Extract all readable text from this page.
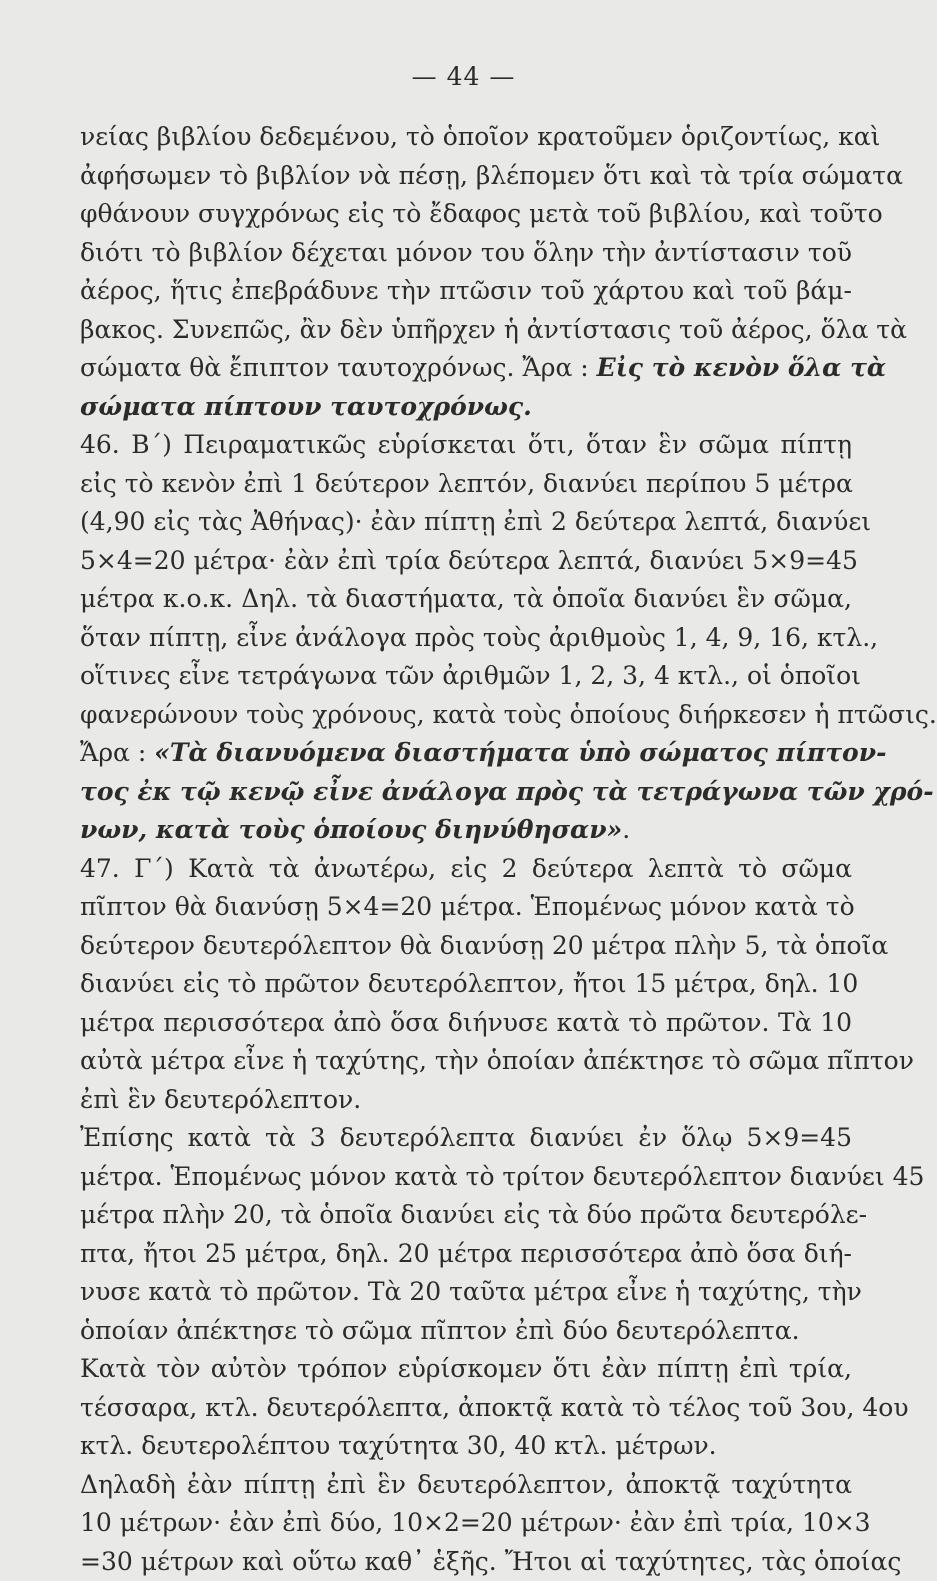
— 44 —
νείας βιβλίου δεδεμένου, τὸ ὁποῖον κρατοῦμεν ὁριζοντίως, καὶ
ἀφήσωμεν τὸ βιβλίον νὰ πέσῃ, βλέπομεν ὅτι καὶ τὰ τρία σώματα
φθάνουν συγχρόνως εἰς τὸ ἔδαφος μετὰ τοῦ βιβλίου, καὶ τοῦτο
διότι τὸ βιβλίον δέχεται μόνον του ὅλην τὴν ἀντίστασιν τοῦ
ἀέρος, ἥτις ἐπεβράδυνε τὴν πτῶσιν τοῦ χάρτου καὶ τοῦ βάμ-
βακος. Συνεπῶς, ἂν δὲν ὑπῆρχεν ἡ ἀντίστασις τοῦ ἀέρος, ὅλα τὰ
σώματα θὰ ἔπιπτον ταυτοχρόνως. Ἄρα : Εἰς τὸ κενὸν ὅλα τὰ
σώματα πίπτουν ταυτοχρόνως.
46. Β΄) Πειραματικῶς εὑρίσκεται ὅτι, ὅταν ἓν σῶμα πίπτῃ
εἰς τὸ κενὸν ἐπὶ 1 δεύτερον λεπτόν, διανύει περίπου 5 μέτρα
(4,90 εἰς τὰς Ἀθήνας)· ἐὰν πίπτῃ ἐπὶ 2 δεύτερα λεπτά, διανύει
5×4=20 μέτρα· ἐὰν ἐπὶ τρία δεύτερα λεπτά, διανύει 5×9=45
μέτρα κ.ο.κ. Δηλ. τὰ διαστήματα, τὰ ὁποῖα διανύει ἓν σῶμα,
ὅταν πίπτῃ, εἶνε ἀνάλογα πρὸς τοὺς ἀριθμοὺς 1, 4, 9, 16, κτλ.,
οἵτινες εἶνε τετράγωνα τῶν ἀριθμῶν 1, 2, 3, 4 κτλ., οἱ ὁποῖοι
φανερώνουν τοὺς χρόνους, κατὰ τοὺς ὁποίους διήρκεσεν ἡ πτῶσις.
Ἄρα : «Τὰ διανυόμενα διαστήματα ὑπὸ σώματος πίπτον-
τος ἐκ τῷ κενῷ εἶνε ἀνάλογα πρὸς τὰ τετράγωνα τῶν χρό-
νων, κατὰ τοὺς ὁποίους διηνύθησαν».
47. Γ΄) Κατὰ τὰ ἀνωτέρω, εἰς 2 δεύτερα λεπτὰ τὸ σῶμα
πῖπτον θὰ διανύσῃ 5×4=20 μέτρα. Ἑπομένως μόνον κατὰ τὸ
δεύτερον δευτερόλεπτον θὰ διανύσῃ 20 μέτρα πλὴν 5, τὰ ὁποῖα
διανύει εἰς τὸ πρῶτον δευτερόλεπτον, ἤτοι 15 μέτρα, δηλ. 10
μέτρα περισσότερα ἀπὸ ὅσα διήνυσε κατὰ τὸ πρῶτον. Τὰ 10
αὐτὰ μέτρα εἶνε ἡ ταχύτης, τὴν ὁποίαν ἀπέκτησε τὸ σῶμα πῖπτον
ἐπὶ ἓν δευτερόλεπτον.
Ἐπίσης κατὰ τὰ 3 δευτερόλεπτα διανύει ἐν ὅλῳ 5×9=45
μέτρα. Ἑπομένως μόνον κατὰ τὸ τρίτον δευτερόλεπτον διανύει 45
μέτρα πλὴν 20, τὰ ὁποῖα διανύει εἰς τὰ δύο πρῶτα δευτερόλε-
πτα, ἤτοι 25 μέτρα, δηλ. 20 μέτρα περισσότερα ἀπὸ ὅσα διή-
νυσε κατὰ τὸ πρῶτον. Τὰ 20 ταῦτα μέτρα εἶνε ἡ ταχύτης, τὴν
ὁποίαν ἀπέκτησε τὸ σῶμα πῖπτον ἐπὶ δύο δευτερόλεπτα.
Κατὰ τὸν αὐτὸν τρόπον εὑρίσκομεν ὅτι ἐὰν πίπτῃ ἐπὶ τρία,
τέσσαρα, κτλ. δευτερόλεπτα, ἀποκτᾷ κατὰ τὸ τέλος τοῦ 3ου, 4ου
κτλ. δευτερολέπτου ταχύτητα 30, 40 κτλ. μέτρων.
Δηλαδὴ ἐὰν πίπτῃ ἐπὶ ἓν δευτερόλεπτον, ἀποκτᾷ ταχύτητα
10 μέτρων· ἐὰν ἐπὶ δύο, 10×2=20 μέτρων· ἐὰν ἐπὶ τρία, 10×3
=30 μέτρων καὶ οὕτω καθ᾽ ἑξῆς. Ἤτοι αἱ ταχύτητες, τὰς ὁποίας
